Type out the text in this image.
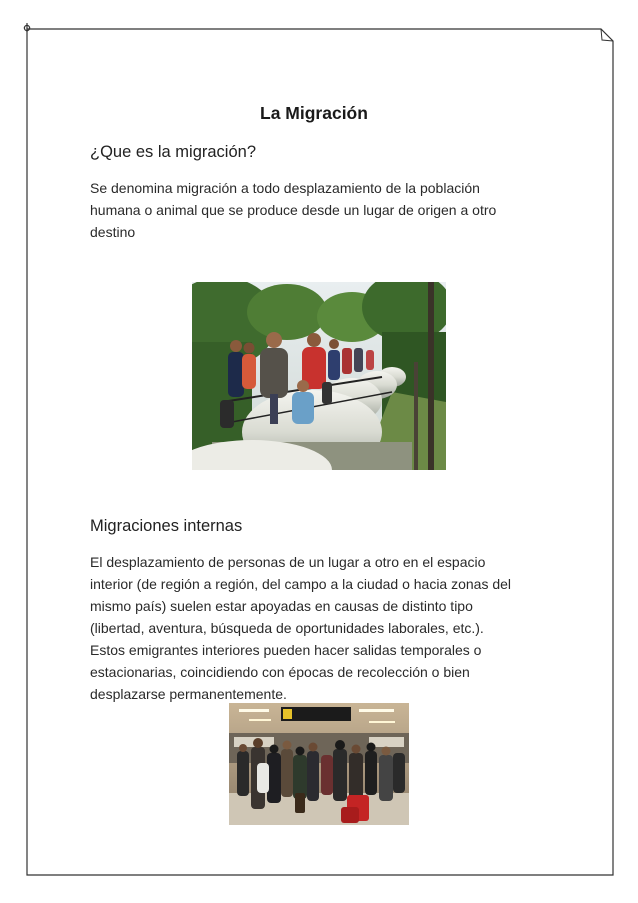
La Migración
¿Que es la migración?
Se denomina migración a todo desplazamiento de la población
humana o animal que se produce desde un lugar de origen a otro
destino
Migraciones internas
El desplazamiento de personas de un lugar a otro en el espacio
interior (de región a región, del campo a la ciudad o hacia zonas del
mismo país) suelen estar apoyadas en causas de distinto tipo
(libertad, aventura, búsqueda de oportunidades laborales, etc.).
Estos emigrantes interiores pueden hacer salidas temporales o
estacionarias, coincidiendo con épocas de recolección o bien
desplazarse permanentemente.
